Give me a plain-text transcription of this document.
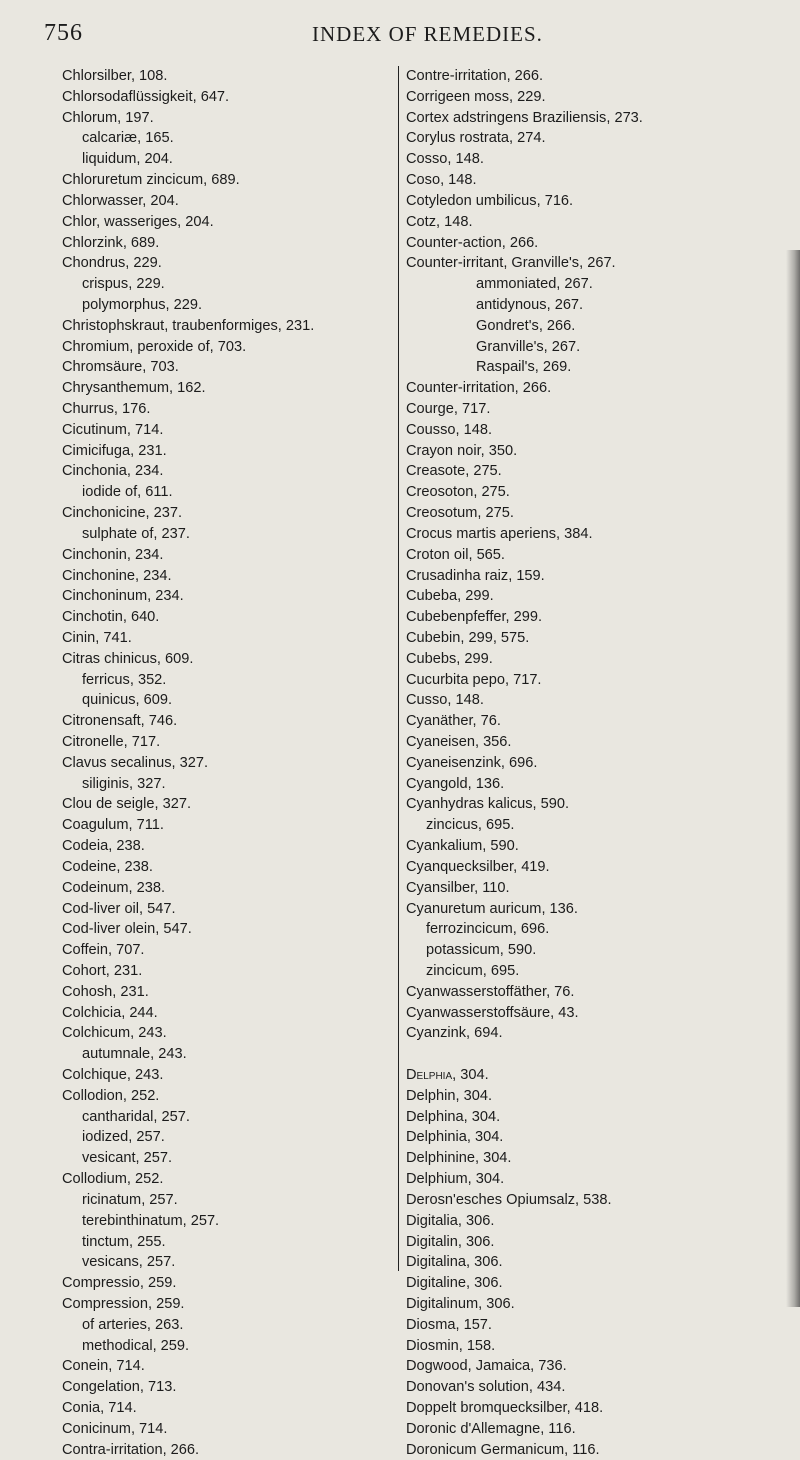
756	INDEX OF REMEDIES.
Chlorsilber, 108.
Chlorsodaflüssigkeit, 647.
Chlorum, 197.
calcariæ, 165.
liquidum, 204.
Chloruretum zincicum, 689.
Chlorwasser, 204.
Chlor, wasseriges, 204.
Chlorzink, 689.
Chondrus, 229.
crispus, 229.
polymorphus, 229.
Christophskraut, traubenformiges, 231.
Chromium, peroxide of, 703.
Chromsäure, 703.
Chrysanthemum, 162.
Churrus, 176.
Cicutinum, 714.
Cimicifuga, 231.
Cinchonia, 234.
iodide of, 611.
Cinchonicine, 237.
sulphate of, 237.
Cinchonin, 234.
Cinchonine, 234.
Cinchoninum, 234.
Cinchotin, 640.
Cinin, 741.
Citras chinicus, 609.
ferricus, 352.
quinicus, 609.
Citronensaft, 746.
Citronelle, 717.
Clavus secalinus, 327.
siliginis, 327.
Clou de seigle, 327.
Coagulum, 711.
Codeia, 238.
Codeine, 238.
Codeinum, 238.
Cod-liver oil, 547.
Cod-liver olein, 547.
Coffein, 707.
Cohort, 231.
Cohosh, 231.
Colchicia, 244.
Colchicum, 243.
autumnale, 243.
Colchique, 243.
Collodion, 252.
cantharidal, 257.
iodized, 257.
vesicant, 257.
Collodium, 252.
ricinatum, 257.
terebinthinatum, 257.
tinctum, 255.
vesicans, 257.
Compressio, 259.
Compression, 259.
of arteries, 263.
methodical, 259.
Conein, 714.
Congelation, 713.
Conia, 714.
Conicinum, 714.
Contra-irritation, 266.
Contre-irritation, 266.
Corrigeen moss, 229.
Cortex adstringens Braziliensis, 273.
Corylus rostrata, 274.
Cosso, 148.
Coso, 148.
Cotyledon umbilicus, 716.
Cotz, 148.
Counter-action, 266.
Counter-irritant, Granville's, 267.
ammoniated, 267.
antidynous, 267.
Gondret's, 266.
Granville's, 267.
Raspail's, 269.
Counter-irritation, 266.
Courge, 717.
Cousso, 148.
Crayon noir, 350.
Creasote, 275.
Creosoton, 275.
Creosotum, 275.
Crocus martis aperiens, 384.
Croton oil, 565.
Crusadinha raiz, 159.
Cubeba, 299.
Cubebenpfeffer, 299.
Cubebin, 299, 575.
Cubebs, 299.
Cucurbita pepo, 717.
Cusso, 148.
Cyanäther, 76.
Cyaneisen, 356.
Cyaneisenzink, 696.
Cyangold, 136.
Cyanhydras kalicus, 590.
zincicus, 695.
Cyankalium, 590.
Cyanquecksilber, 419.
Cyansilber, 110.
Cyanuretum auricum, 136.
ferrozincicum, 696.
potassicum, 590.
zincicum, 695.
Cyanwasserstoffäther, 76.
Cyanwasserstoffsäure, 43.
Cyanzink, 694.
Delphia, 304.
Delphin, 304.
Delphina, 304.
Delphinia, 304.
Delphinine, 304.
Delphium, 304.
Derosn'esches Opiumsalz, 538.
Digitalia, 306.
Digitalin, 306.
Digitalina, 306.
Digitaline, 306.
Digitalinum, 306.
Diosma, 157.
Diosmin, 158.
Dogwood, Jamaica, 736.
Donovan's solution, 434.
Doppelt bromquecksilber, 418.
Doronic d'Allemagne, 116.
Doronicum Germanicum, 116.
